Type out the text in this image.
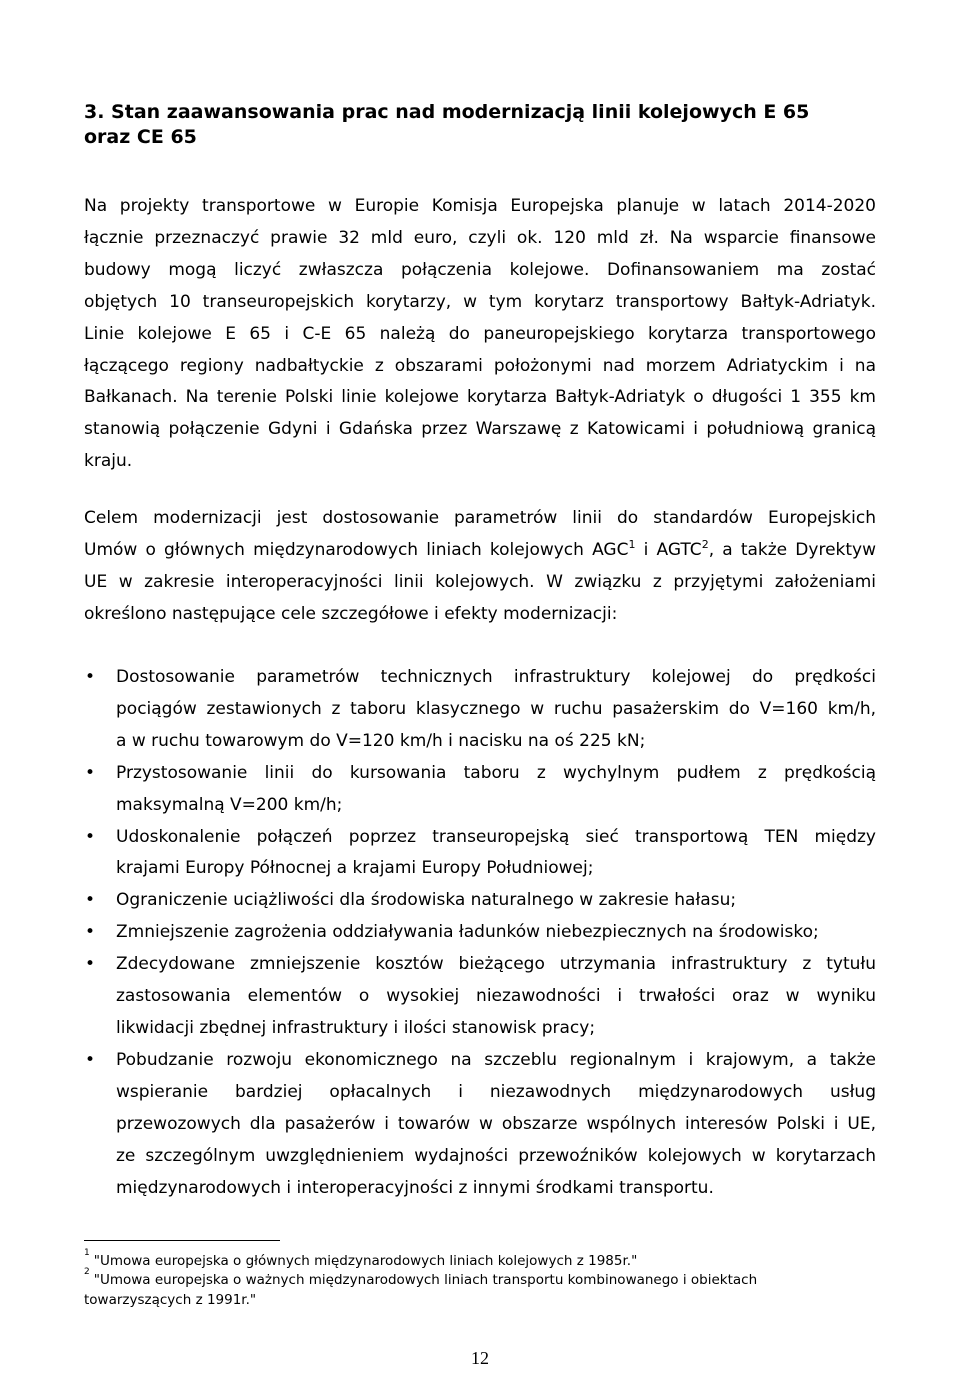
3. Stan zaawansowania prac nad modernizacją linii kolejowych E 65
oraz CE 65
Na projekty transportowe w Europie Komisja Europejska planuje w latach 2014-2020
łącznie przeznaczyć prawie 32 mld euro, czyli ok. 120 mld zł. Na wsparcie finansowe
budowy mogą liczyć zwłaszcza połączenia kolejowe. Dofinansowaniem ma zostać
objętych 10 transeuropejskich korytarzy, w tym korytarz transportowy Bałtyk-Adriatyk.
Linie kolejowe E 65 i C-E 65 należą do paneuropejskiego korytarza transportowego
łączącego regiony nadbałtyckie z obszarami położonymi nad morzem Adriatyckim i na
Bałkanach. Na terenie Polski linie kolejowe korytarza Bałtyk-Adriatyk o długości 1 355 km
stanowią połączenie Gdyni i Gdańska przez Warszawę z Katowicami i południową granicą
kraju.
Celem modernizacji jest dostosowanie parametrów linii do standardów Europejskich
Umów o głównych międzynarodowych liniach kolejowych AGC$^1$ i AGTC$^2$, a także Dyrektyw
UE w zakresie interoperacyjności linii kolejowych. W związku z przyjętymi założeniami
określono następujące cele szczegółowe i efekty modernizacji:
• Dostosowanie parametrów technicznych infrastruktury kolejowej do prędkości
pociągów zestawionych z taboru klasycznego w ruchu pasażerskim do V=160 km/h,
a w ruchu towarowym do V=120 km/h i nacisku na oś 225 kN;
• Przystosowanie linii do kursowania taboru z wychylnym pudłem z prędkością
maksymalną V=200 km/h;
• Udoskonalenie połączeń poprzez transeuropejską sieć transportową TEN między
krajami Europy Północnej a krajami Europy Południowej;
• Ograniczenie uciążliwości dla środowiska naturalnego w zakresie hałasu;
• Zmniejszenie zagrożenia oddziaływania ładunków niebezpiecznych na środowisko;
• Zdecydowane zmniejszenie kosztów bieżącego utrzymania infrastruktury z tytułu
zastosowania elementów o wysokiej niezawodności i trwałości oraz w wyniku
likwidacji zbędnej infrastruktury i ilości stanowisk pracy;
• Pobudzanie rozwoju ekonomicznego na szczeblu regionalnym i krajowym, a także
wspieranie bardziej opłacalnych i niezawodnych międzynarodowych usług
przewozowych dla pasażerów i towarów w obszarze wspólnych interesów Polski i UE,
ze szczególnym uwzględnieniem wydajności przewoźników kolejowych w korytarzach
międzynarodowych i interoperacyjności z innymi środkami transportu.
$^1$"Umowa europejska o głównych międzynarodowych liniach kolejowych z 1985r."
$^2$"Umowa europejska o ważnych międzynarodowych liniach transportu kombinowanego i obiektach
towarzyszących z 1991r."
12
